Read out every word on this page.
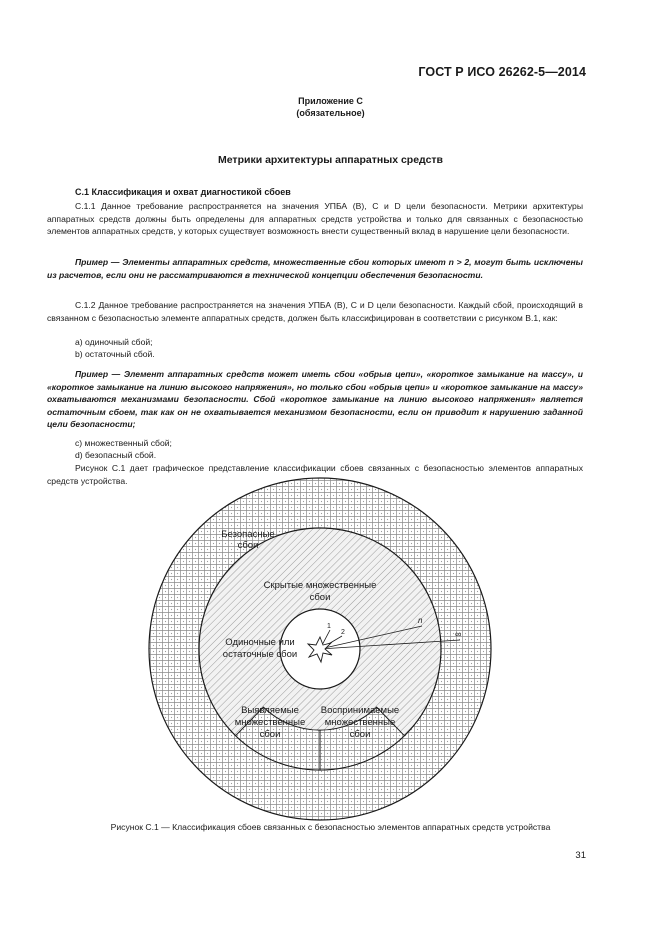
ГОСТ Р ИСО 26262-5—2014
Приложение С
(обязательное)
Метрики архитектуры аппаратных средств
С.1 Классификация и охват диагностикой сбоев
С.1.1 Данное требование распространяется на значения УПБА (В), С и D цели безопасности. Метрики архитектуры аппаратных средств должны быть определены для аппаратных средств устройства и только для связанных с безопасностью элементов аппаратных средств, у которых существует возможность внести существенный вклад в нарушение цели безопасности.
Пример — Элементы аппаратных средств, множественные сбои которых имеют n > 2, могут быть исключены из расчетов, если они не рассматриваются в технической концепции обеспечения безопасности.
С.1.2 Данное требование распространяется на значения УПБА (В), С и D цели безопасности. Каждый сбой, происходящий в связанном с безопасностью элементе аппаратных средств, должен быть классифицирован в соответствии с рисунком В.1, как:
a) одиночный сбой;
b) остаточный сбой.
Пример — Элемент аппаратных средств может иметь сбои «обрыв цепи», «короткое замыкание на массу», и «короткое замыкание на линию высокого напряжения», но только сбои «обрыв цепи» и «короткое замыкание на массу» охватываются механизмами безопасности. Сбой «короткое замыкание на линию высокого напряжения» является остаточным сбоем, так как он не охватывается механизмом безопасности, если он приводит к нарушению заданной цели безопасности;
c) множественный сбой;
d) безопасный сбой.
Рисунок С.1 дает графическое представление классификации сбоев связанных с безопасностью элементов аппаратных средств устройства.
Безопасные
сбои
Скрытые множественные
сбои
Одиночные или
остаточные сбои
Выявляемые
множественные
сбои
Воспринимаемые
множественные
сбои
n
1
2	∞
Рисунок С.1 — Классификация сбоев связанных с безопасностью элементов аппаратных средств устройства
31
